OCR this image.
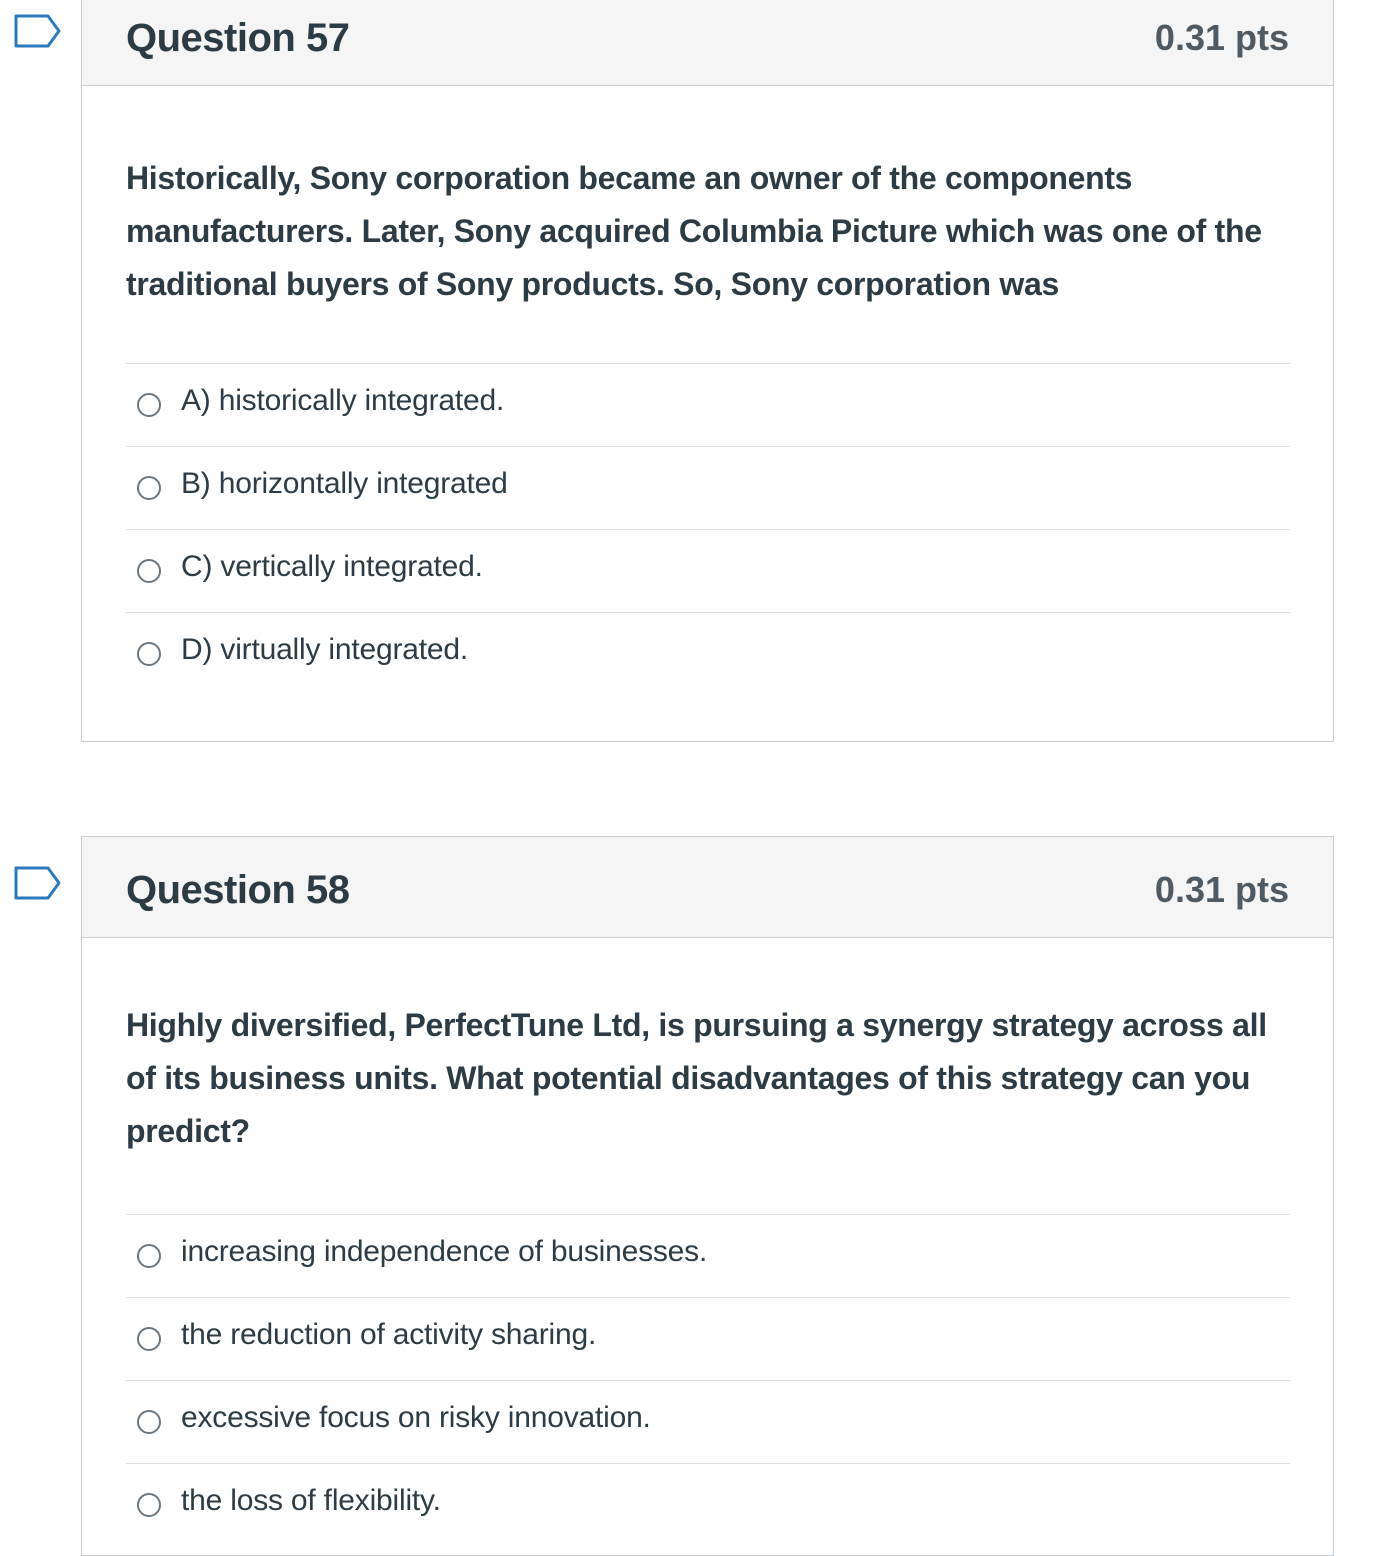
Question 57	0.31 pts
Historically, Sony corporation became an owner of the components manufacturers. Later, Sony acquired Columbia Picture which was one of the traditional buyers of Sony products. So, Sony corporation was
A) historically integrated.
B) horizontally integrated
C) vertically integrated.
D) virtually integrated.
Question 58	0.31 pts
Highly diversified, PerfectTune Ltd, is pursuing a synergy strategy across all of its business units. What potential disadvantages of this strategy can you predict?
increasing independence of businesses.
the reduction of activity sharing.
excessive focus on risky innovation.
the loss of flexibility.
